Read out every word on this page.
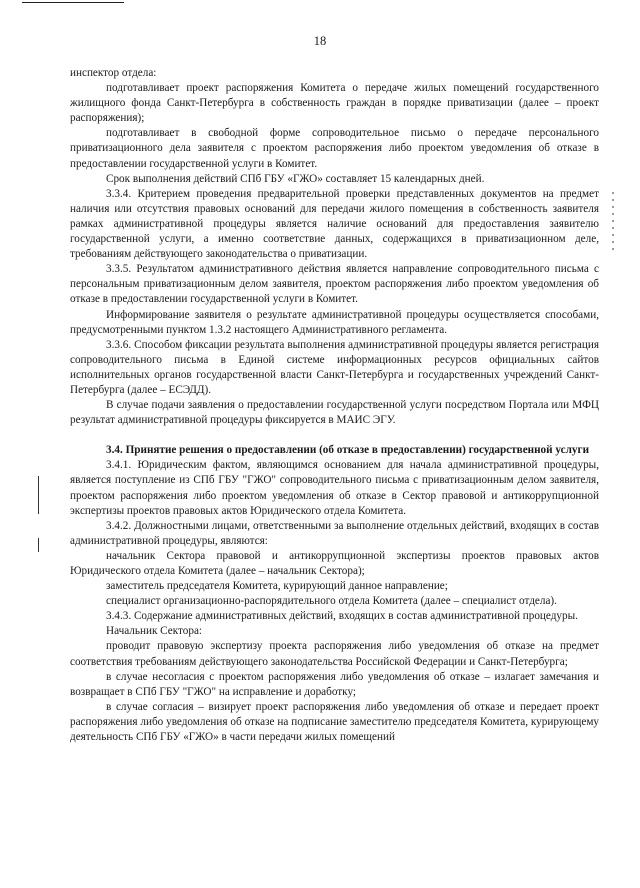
18

инспектор отдела:

подготавливает проект распоряжения Комитета о передаче жилых помещений государственного жилищного фонда Санкт-Петербурга в собственность граждан в порядке приватизации (далее – проект распоряжения);

подготавливает в свободной форме сопроводительное письмо о передаче персонального приватизационного дела заявителя с проектом распоряжения либо проектом уведомления об отказе в предоставлении государственной услуги в Комитет.

Срок выполнения действий СПб ГБУ «ГЖО» составляет 15 календарных дней.

3.3.4. Критерием проведения предварительной проверки представленных документов на предмет наличия или отсутствия правовых оснований для передачи жилого помещения в собственность заявителя рамках административной процедуры является наличие оснований для предоставления заявителю государственной услуги, а именно соответствие данных, содержащихся в приватизационном деле, требованиям действующего законодательства о приватизации.

3.3.5. Результатом административного действия является направление сопроводительного письма с персональным приватизационным делом заявителя, проектом распоряжения либо проектом уведомления об отказе в предоставлении государственной услуги в Комитет.

Информирование заявителя о результате административной процедуры осуществляется способами, предусмотренными пунктом 1.3.2 настоящего Административного регламента.

3.3.6. Способом фиксации результата выполнения административной процедуры является регистрация сопроводительного письма в Единой системе информационных ресурсов официальных сайтов исполнительных органов государственной власти Санкт-Петербурга и государственных учреждений Санкт-Петербурга (далее – ЕСЭДД).

В случае подачи заявления о предоставлении государственной услуги посредством Портала или МФЦ результат административной процедуры фиксируется в МАИС ЭГУ.

3.4. Принятие решения о предоставлении (об отказе в предоставлении) государственной услуги

3.4.1. Юридическим фактом, являющимся основанием для начала административной процедуры, является поступление из СПб ГБУ "ГЖО" сопроводительного письма с приватизационным делом заявителя, проектом распоряжения либо проектом уведомления об отказе в Сектор правовой и антикоррупционной экспертизы проектов правовых актов Юридического отдела Комитета.

3.4.2. Должностными лицами, ответственными за выполнение отдельных действий, входящих в состав административной процедуры, являются:

начальник Сектора правовой и антикоррупционной экспертизы проектов правовых актов Юридического отдела Комитета (далее – начальник Сектора);

заместитель председателя Комитета, курирующий данное направление;

специалист организационно-распорядительного отдела Комитета (далее – специалист отдела).

3.4.3. Содержание административных действий, входящих в состав административной процедуры.

Начальник Сектора:

проводит правовую экспертизу проекта распоряжения либо уведомления об отказе на предмет соответствия требованиям действующего законодательства Российской Федерации и Санкт-Петербурга;

в случае несогласия с проектом распоряжения либо уведомления об отказе – излагает замечания и возвращает в СПб ГБУ "ГЖО" на исправление и доработку;

в случае согласия – визирует проект распоряжения либо уведомления об отказе и передает проект распоряжения либо уведомления об отказе на подписание заместителю председателя Комитета, курирующему деятельность СПб ГБУ «ГЖО» в части передачи жилых помещений
